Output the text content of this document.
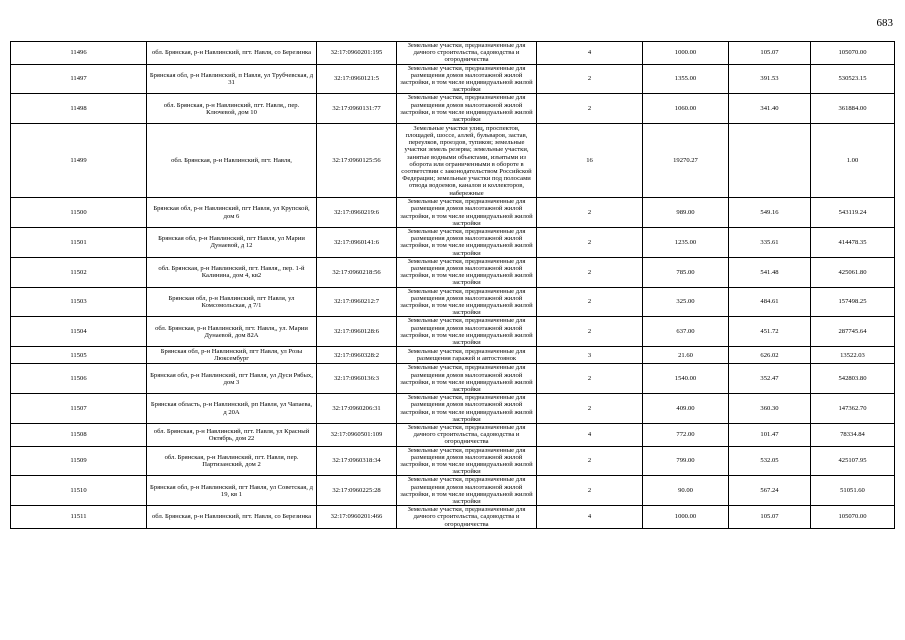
683
11496	обл. Брянская, р-н Навлинский, пгт. Навля, со Березинка	32:17:0960201:195	Земельные участки, предназначенные для дачного строительства, садоводства и огородничества	4	1000.00	105.07	105070.00
11497	Брянская обл, р-н Навлинский, п Навля, ул Трубчевская, д 31	32:17:0960121:5	Земельные участки, предназначенные для размещения домов малоэтажной жилой застройки, в том числе индивидуальной жилой застройки	2	1355.00	391.53	530523.15
11498	обл. Брянская, р-н Навлинский, пгт. Навля,, пер. Ключевой, дом 10	32:17:0960131:77	Земельные участки, предназначенные для размещения домов малоэтажной жилой застройки, в том числе индивидуальной жилой застройки	2	1060.00	341.40	361884.00
11499	обл. Брянская, р-н Навлинский, пгт. Навля,	32:17:0960125:56	Земельные участки улиц, проспектов, площадей, шоссе, аллей, бульваров, застав, переулков, проездов, тупиков; земельные участки земель резерва; земельные участки, занятые водными объектами, изъятыми из оборота или ограниченными в обороте в соответствии с законодательством Российской Федерации; земельные участки под полосами отвода водоемов, каналов и коллекторов, набережные	16	19270.27		1.00
11500	Брянская обл, р-н Навлинский, пгт Навля, ул Крупской, дом 6	32:17:0960219:6	Земельные участки, предназначенные для размещения домов малоэтажной жилой застройки, в том числе индивидуальной жилой застройки	2	989.00	549.16	543119.24
11501	Брянская обл, р-н Навлинский, пгт Навля, ул Марии Дунаевой, д 12	32:17:0960141:6	Земельные участки, предназначенные для размещения домов малоэтажной жилой застройки, в том числе индивидуальной жилой застройки	2	1235.00	335.61	414478.35
11502	обл. Брянская, р-н Навлинский, пгт. Навля,, пер. 1-й Калинина, дом 4, кв2	32:17:0960218:56	Земельные участки, предназначенные для размещения домов малоэтажной жилой застройки, в том числе индивидуальной жилой застройки	2	785.00	541.48	425061.80
11503	Брянская обл, р-н Навлинский, пгт Навля, ул Комсомольская, д 7/1	32:17:0960212:7	Земельные участки, предназначенные для размещения домов малоэтажной жилой застройки, в том числе индивидуальной жилой застройки	2	325.00	484.61	157498.25
11504	обл. Брянская, р-н Навлинский, пгт. Навля,, ул. Марии Дунаевой, дом 82А	32:17:0960128:6	Земельные участки, предназначенные для размещения домов малоэтажной жилой застройки, в том числе индивидуальной жилой застройки	2	637.00	451.72	287745.64
11505	Брянская обл, р-н Навлинский, пгт Навля, ул Розы Люксембург	32:17:0960328:2	Земельные участки, предназначенные для размещения гаражей и автостоянок	3	21.60	626.02	13522.03
11506	Брянская обл, р-н Навлинский, пгт Навля, ул Дуси Рябых, дом 3	32:17:0960136:3	Земельные участки, предназначенные для размещения домов малоэтажной жилой застройки, в том числе индивидуальной жилой застройки	2	1540.00	352.47	542803.80
11507	Брянская область, р-н Навлинский, рп Навля, ул Чапаева, д 20А	32:17:0960206:31	Земельные участки, предназначенные для размещения домов малоэтажной жилой застройки, в том числе индивидуальной жилой застройки	2	409.00	360.30	147362.70
11508	обл. Брянская, р-н Навлинский, пгт. Навля, ул Красный Октябрь, дом 22	32:17:0960501:109	Земельные участки, предназначенные для дачного строительства, садоводства и огородничества	4	772.00	101.47	78334.84
11509	обл. Брянская, р-н Навлинский, пгт. Навля, пер. Партизанский, дом 2	32:17:0960318:34	Земельные участки, предназначенные для размещения домов малоэтажной жилой застройки, в том числе индивидуальной жилой застройки	2	799.00	532.05	425107.95
11510	Брянская обл, р-н Навлинский, пгт Навля, ул Советская, д 19, кв 1	32:17:0960225:28	Земельные участки, предназначенные для размещения домов малоэтажной жилой застройки, в том числе индивидуальной жилой застройки	2	90.00	567.24	51051.60
11511	обл. Брянская, р-н Навлинский, пгт. Навля, со Березинка	32:17:0960201:466	Земельные участки, предназначенные для дачного строительства, садоводства и огородничества	4	1000.00	105.07	105070.00
